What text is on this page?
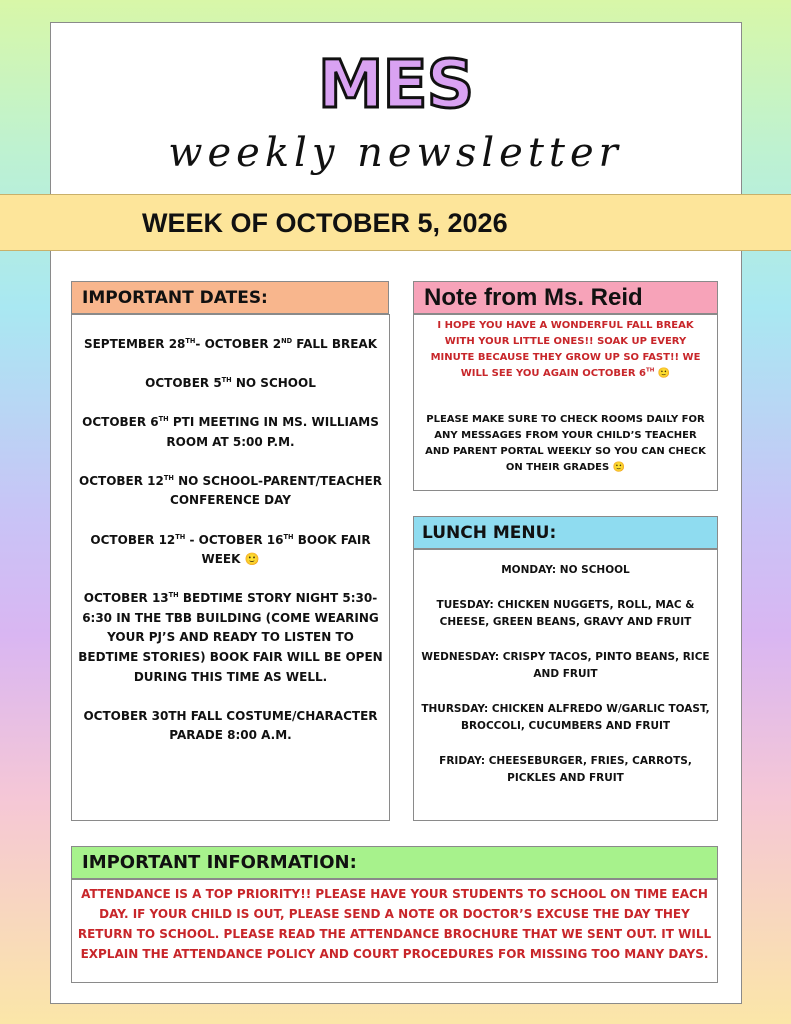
MES
weekly newsletter
WEEK OF OCTOBER 5, 2026
IMPORTANT DATES:
SEPTEMBER 28TH- OCTOBER 2ND FALL BREAK
OCTOBER 5TH NO SCHOOL
OCTOBER 6TH PTI MEETING IN MS. WILLIAMS ROOM AT 5:00 P.M.
OCTOBER 12TH NO SCHOOL-PARENT/TEACHER CONFERENCE DAY
OCTOBER 12TH - OCTOBER 16TH BOOK FAIR WEEK 🙂
OCTOBER 13TH BEDTIME STORY NIGHT 5:30-6:30 IN THE TBB BUILDING (COME WEARING YOUR PJ’S AND READY TO LISTEN TO BEDTIME STORIES) BOOK FAIR WILL BE OPEN DURING THIS TIME AS WELL.
OCTOBER 30TH FALL COSTUME/CHARACTER PARADE 8:00 A.M.
Note from Ms. Reid

I HOPE YOU HAVE A WONDERFUL FALL BREAK WITH YOUR LITTLE ONES!! SOAK UP EVERY MINUTE BECAUSE THEY GROW UP SO FAST!! WE WILL SEE YOU AGAIN OCTOBER 6TH 🙂

PLEASE MAKE SURE TO CHECK ROOMS DAILY FOR ANY MESSAGES FROM YOUR CHILD’S TEACHER AND PARENT PORTAL WEEKLY SO YOU CAN CHECK ON THEIR GRADES 🙂

LUNCH MENU:
MONDAY: NO SCHOOL
TUESDAY: CHICKEN NUGGETS, ROLL, MAC & CHEESE, GREEN BEANS, GRAVY AND FRUIT
WEDNESDAY: CRISPY TACOS, PINTO BEANS, RICE AND FRUIT
THURSDAY: CHICKEN ALFREDO W/GARLIC TOAST, BROCCOLI, CUCUMBERS AND FRUIT
FRIDAY: CHEESEBURGER, FRIES, CARROTS, PICKLES AND FRUIT
IMPORTANT INFORMATION:

ATTENDANCE IS A TOP PRIORITY!! PLEASE HAVE YOUR STUDENTS TO SCHOOL ON TIME EACH DAY. IF YOUR CHILD IS OUT, PLEASE SEND A NOTE OR DOCTOR’S EXCUSE THE DAY THEY RETURN TO SCHOOL. PLEASE READ THE ATTENDANCE BROCHURE THAT WE SENT OUT. IT WILL EXPLAIN THE ATTENDANCE POLICY AND COURT PROCEDURES FOR MISSING TOO MANY DAYS.
